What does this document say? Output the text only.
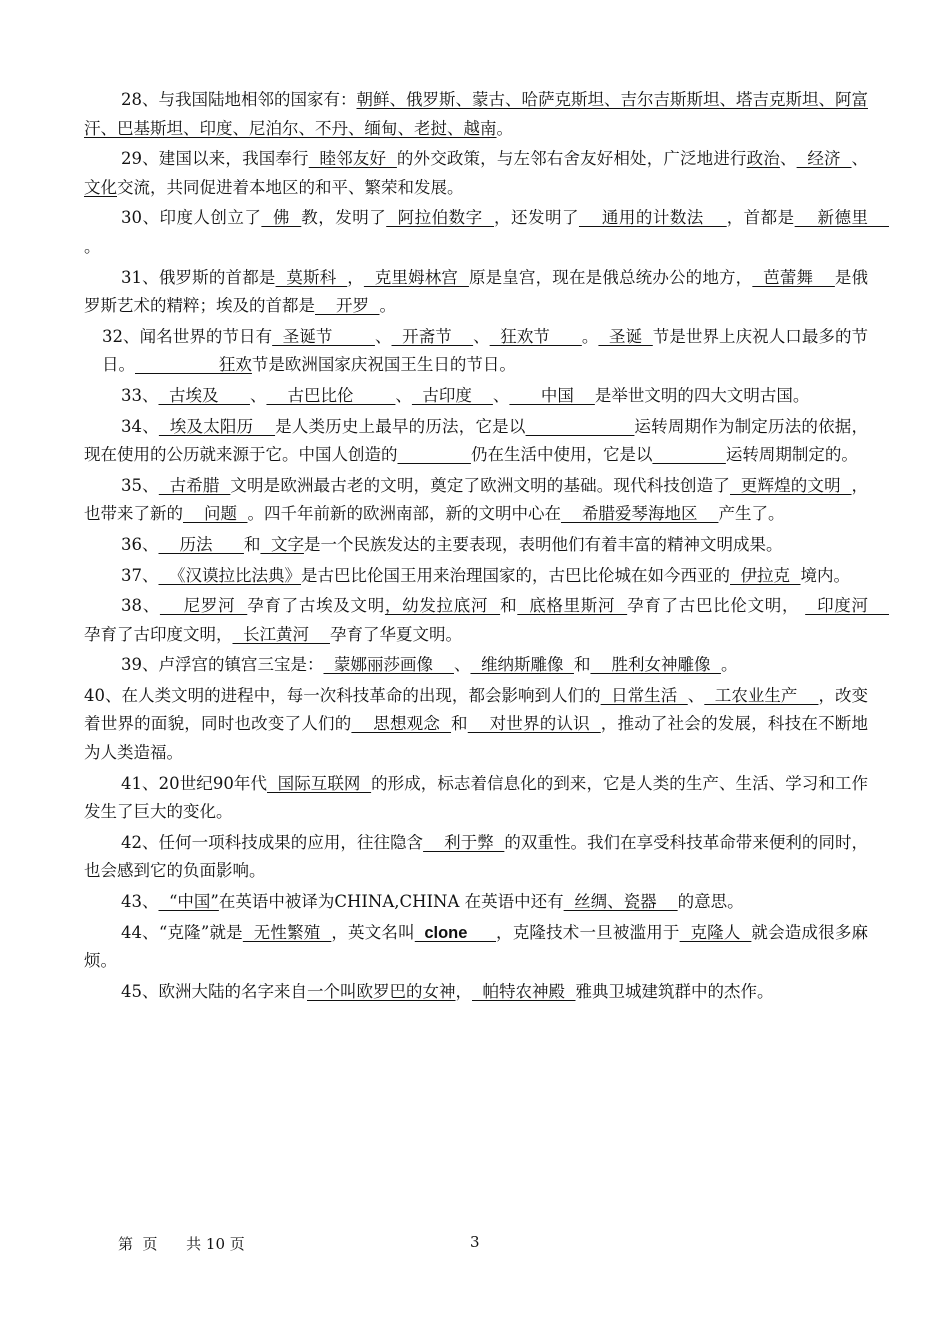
28、与我国陆地相邻的国家有：朝鲜、俄罗斯、蒙古、哈萨克斯坦、吉尔吉斯斯坦、塔吉克斯坦、阿富汗、巴基斯坦、印度、尼泊尔、不丹、缅甸、老挝、越南。

29、建国以来，我国奉行  睦邻友好  的外交政策，与左邻右舍友好相处，广泛地进行政治、  经济  、文化交流，共同促进着本地区的和平、繁荣和发展。

30、印度人创立了  佛  教，发明了  阿拉伯数字  ，还发明了    通用的计数法    ，首都是    新德里    。

31、俄罗斯的首都是  莫斯科  ，  克里姆林宫  原是皇宫，现在是俄总统办公的地方，  芭蕾舞    是俄罗斯艺术的精粹；埃及的首都是    开罗  。

32、闻名世界的节日有  圣诞节        、  开斋节    、  狂欢节      。  圣诞  节是世界上庆祝人口最多的节日。                狂欢节是欧洲国家庆祝国王生日的节日。

33、  古埃及      、    古巴比伦        、  古印度    、      中国    是举世文明的四大文明古国。

34、  埃及太阳历    是人类历史上最早的历法，它是以	运转周期作为制定历法的依据，现在使用的公历就来源于它。中国人创造的	仍在生活中使用，它是以	运转周期制定的。

35、  古希腊  文明是欧洲最古老的文明，奠定了欧洲文明的基础。现代科技创造了  更辉煌的文明  ，也带来了新的    问题  。四千年前新的欧洲南部，新的文明中心在    希腊爱琴海地区    产生了。

36、    历法      和  文字是一个民族发达的主要表现，表明他们有着丰富的精神文明成果。

37、  《汉谟拉比法典》是古巴比伦国王用来治理国家的，古巴比伦城在如今西亚的  伊拉克  境内。

38、    尼罗河  孕育了古埃及文明，幼发拉底河  和  底格里斯河  孕育了古巴比伦文明，   印度河    孕育了古印度文明，  长江黄河    孕育了华夏文明。

39、卢浮宫的镇宫三宝是：  蒙娜丽莎画像    、  维纳斯雕像  和    胜利女神雕像  。

40、在人类文明的进程中，每一次科技革命的出现，都会影响到人们的  日常生活  、  工农业生产    ，改变着世界的面貌，同时也改变了人们的    思想观念  和    对世界的认识  ，推动了社会的发展，科技在不断地为人类造福。

41、20世纪90年代  国际互联网  的形成，标志着信息化的到来，它是人类的生产、生活、学习和工作发生了巨大的变化。

42、任何一项科技成果的应用，往往隐含    利于弊  的双重性。我们在享受科技革命带来便利的同时，也会感到它的负面影响。

43、  “中国”在英语中被译为CHINA,CHINA 在英语中还有  丝绸、瓷器    的意思。

44、“克隆”就是  无性繁殖  ，英文名叫  clone      ，克隆技术一旦被滥用于  克隆人  就会造成很多麻烦。

45、欧洲大陆的名字来自一个叫欧罗巴的女神，  帕特农神殿  雅典卫城建筑群中的杰作。

第  页      共 10 页	3
